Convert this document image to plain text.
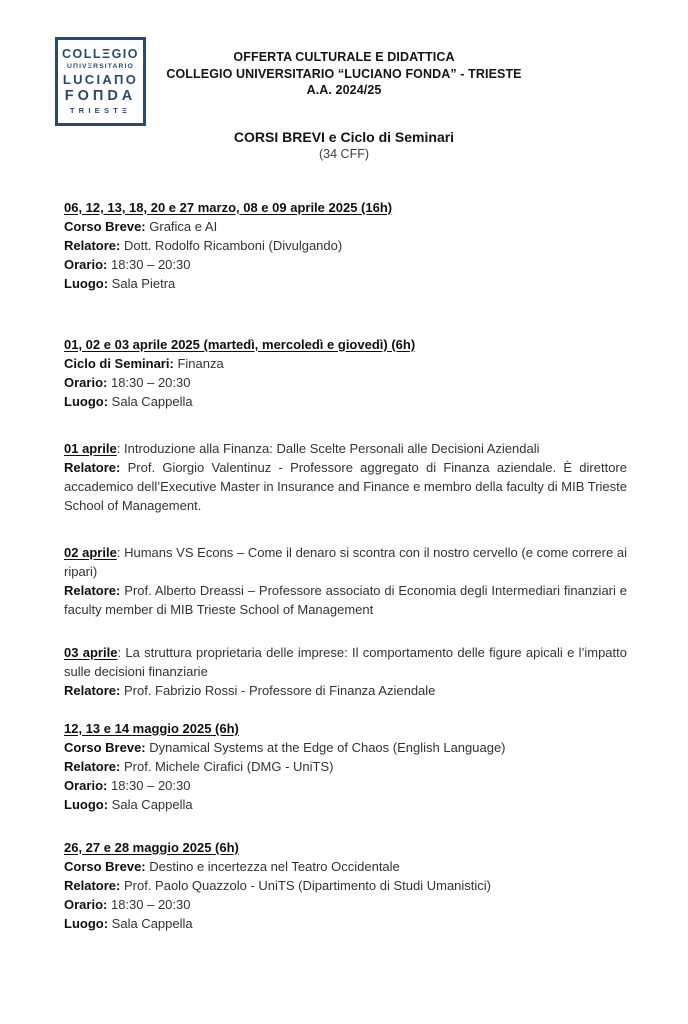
COLLΞGIO
UΠIVΞRSITARIO
LUCIAΠO
FOΠDA
TRIESTΞ
OFFERTA CULTURALE E DIDATTICA
COLLEGIO UNIVERSITARIO “LUCIANO FONDA” - TRIESTE
A.A. 2024/25
CORSI BREVI e Ciclo di Seminari
(34 CFF)
06, 12, 13, 18, 20 e 27 marzo, 08 e 09 aprile 2025 (16h)
Corso Breve: Grafica e AI
Relatore: Dott. Rodolfo Ricamboni (Divulgando)
Orario: 18:30 – 20:30
Luogo: Sala Pietra
01, 02 e 03 aprile 2025 (martedì, mercoledì e giovedì) (6h)
Ciclo di Seminari: Finanza
Orario: 18:30 – 20:30
Luogo: Sala Cappella

01 aprile: Introduzione alla Finanza: Dalle Scelte Personali alle Decisioni Aziendali

Relatore: Prof. Giorgio Valentinuz - Professore aggregato di Finanza aziendale. È direttore accademico dell’Executive Master in Insurance and Finance e membro della faculty di MIB Trieste School of Management.

02 aprile: Humans VS Econs – Come il denaro si scontra con il nostro cervello (e come correre ai ripari)

Relatore: Prof. Alberto Dreassi – Professore associato di Economia degli Intermediari finanziari e faculty member di MIB Trieste School of Management

03 aprile: La struttura proprietaria delle imprese: Il comportamento delle figure apicali e l’impatto sulle decisioni finanziarie

Relatore: Prof. Fabrizio Rossi - Professore di Finanza Aziendale

12, 13 e 14 maggio 2025 (6h)
Corso Breve: Dynamical Systems at the Edge of Chaos (English Language)
Relatore: Prof. Michele Cirafici (DMG - UniTS)
Orario: 18:30 – 20:30
Luogo: Sala Cappella
26, 27 e 28 maggio 2025 (6h)
Corso Breve: Destino e incertezza nel Teatro Occidentale
Relatore: Prof. Paolo Quazzolo - UniTS (Dipartimento di Studi Umanistici)
Orario: 18:30 – 20:30
Luogo: Sala Cappella
